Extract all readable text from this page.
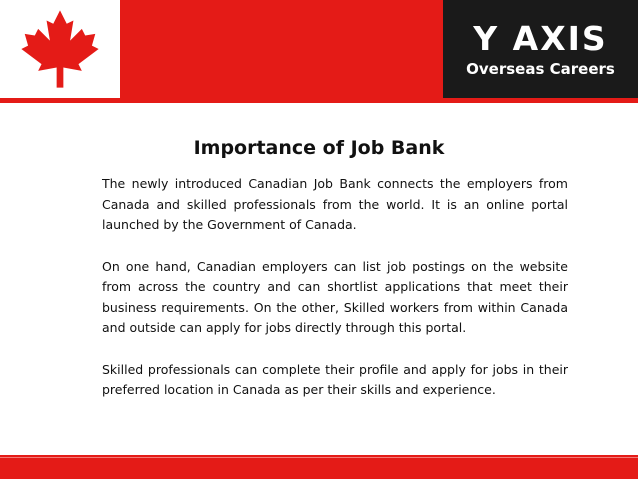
Y AXIS
Overseas Careers
Importance of Job Bank

The newly introduced Canadian Job Bank connects the employers from Canada and skilled professionals from the world. It is an online portal launched by the Government of Canada.

On one hand, Canadian employers can list job postings on the website from across the country and can shortlist applications that meet their business requirements. On the other, Skilled workers from within Canada and outside can apply for jobs directly through this portal.

Skilled professionals can complete their profile and apply for jobs in their preferred location in Canada as per their skills and experience.
